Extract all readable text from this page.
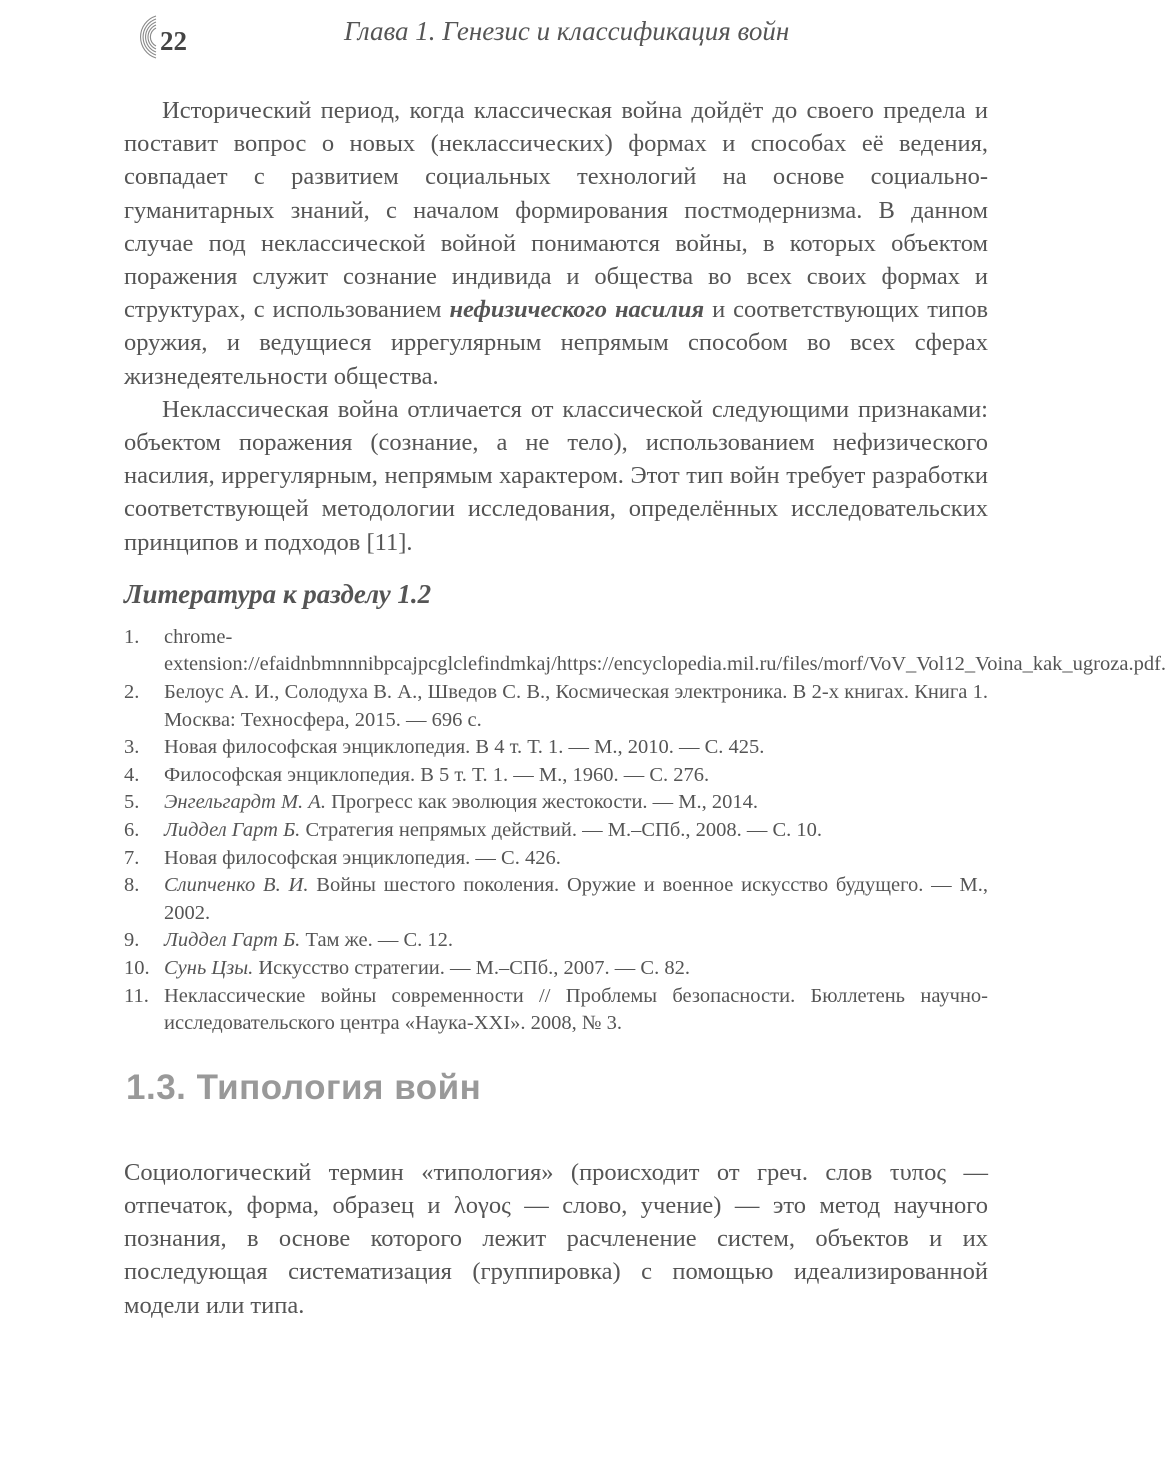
22	Глава 1. Генезис и классификация войн

Исторический период, когда классическая война дойдёт до своего предела и поставит вопрос о новых (неклассических) формах и способах её ведения, совпадает с развитием социальных технологий на основе социально-гуманитарных знаний, с началом формирования постмодернизма. В данном случае под неклассической войной понимаются войны, в которых объектом поражения служит сознание индивида и общества во всех своих формах и структурах, с использованием нефизического насилия и соответствующих типов оружия, и ведущиеся иррегулярным непрямым способом во всех сферах жизнедеятельности общества.

Неклассическая война отличается от классической следующими признаками: объектом поражения (сознание, а не тело), использованием нефизического насилия, иррегулярным, непрямым характером. Этот тип войн требует разработки соответствующей методологии исследования, определённых исследовательских принципов и подходов [11].

Литература к разделу 1.2
1. chrome-extension://efaidnbmnnnibpcajpcglclefindmkaj/https://encyclopedia.mil.ru/files/morf/VoV_Vol12_Voina_kak_ugroza.pdf.
2. Белоус А. И., Солодуха В. А., Шведов С. В., Космическая электроника. В 2-х книгах. Книга 1. Москва: Техносфера, 2015. — 696 с.
3. Новая философская энциклопедия. В 4 т. Т. 1. — М., 2010. — С. 425.
4. Философская энциклопедия. В 5 т. Т. 1. — М., 1960. — С. 276.
5. Энгельгардт М. А. Прогресс как эволюция жестокости. — М., 2014.
6. Лиддел Гарт Б. Стратегия непрямых действий. — М.–СПб., 2008. — С. 10.
7. Новая философская энциклопедия. — С. 426.
8. Слипченко В. И. Войны шестого поколения. Оружие и военное искусство будущего. — М., 2002.
9. Лиддел Гарт Б. Там же. — С. 12.
10. Сунь Цзы. Искусство стратегии. — М.–СПб., 2007. — С. 82.
11. Неклассические войны современности // Проблемы безопасности. Бюллетень научно-исследовательского центра «Наука-XXI». 2008, № 3.
1.3. Типология войн

Социологический термин «типология» (происходит от греч. слов τυπος — отпечаток, форма, образец и λογος — слово, учение) — это метод научного познания, в основе которого лежит расчленение систем, объектов и их последующая систематизация (группировка) с помощью идеализированной модели или типа.
